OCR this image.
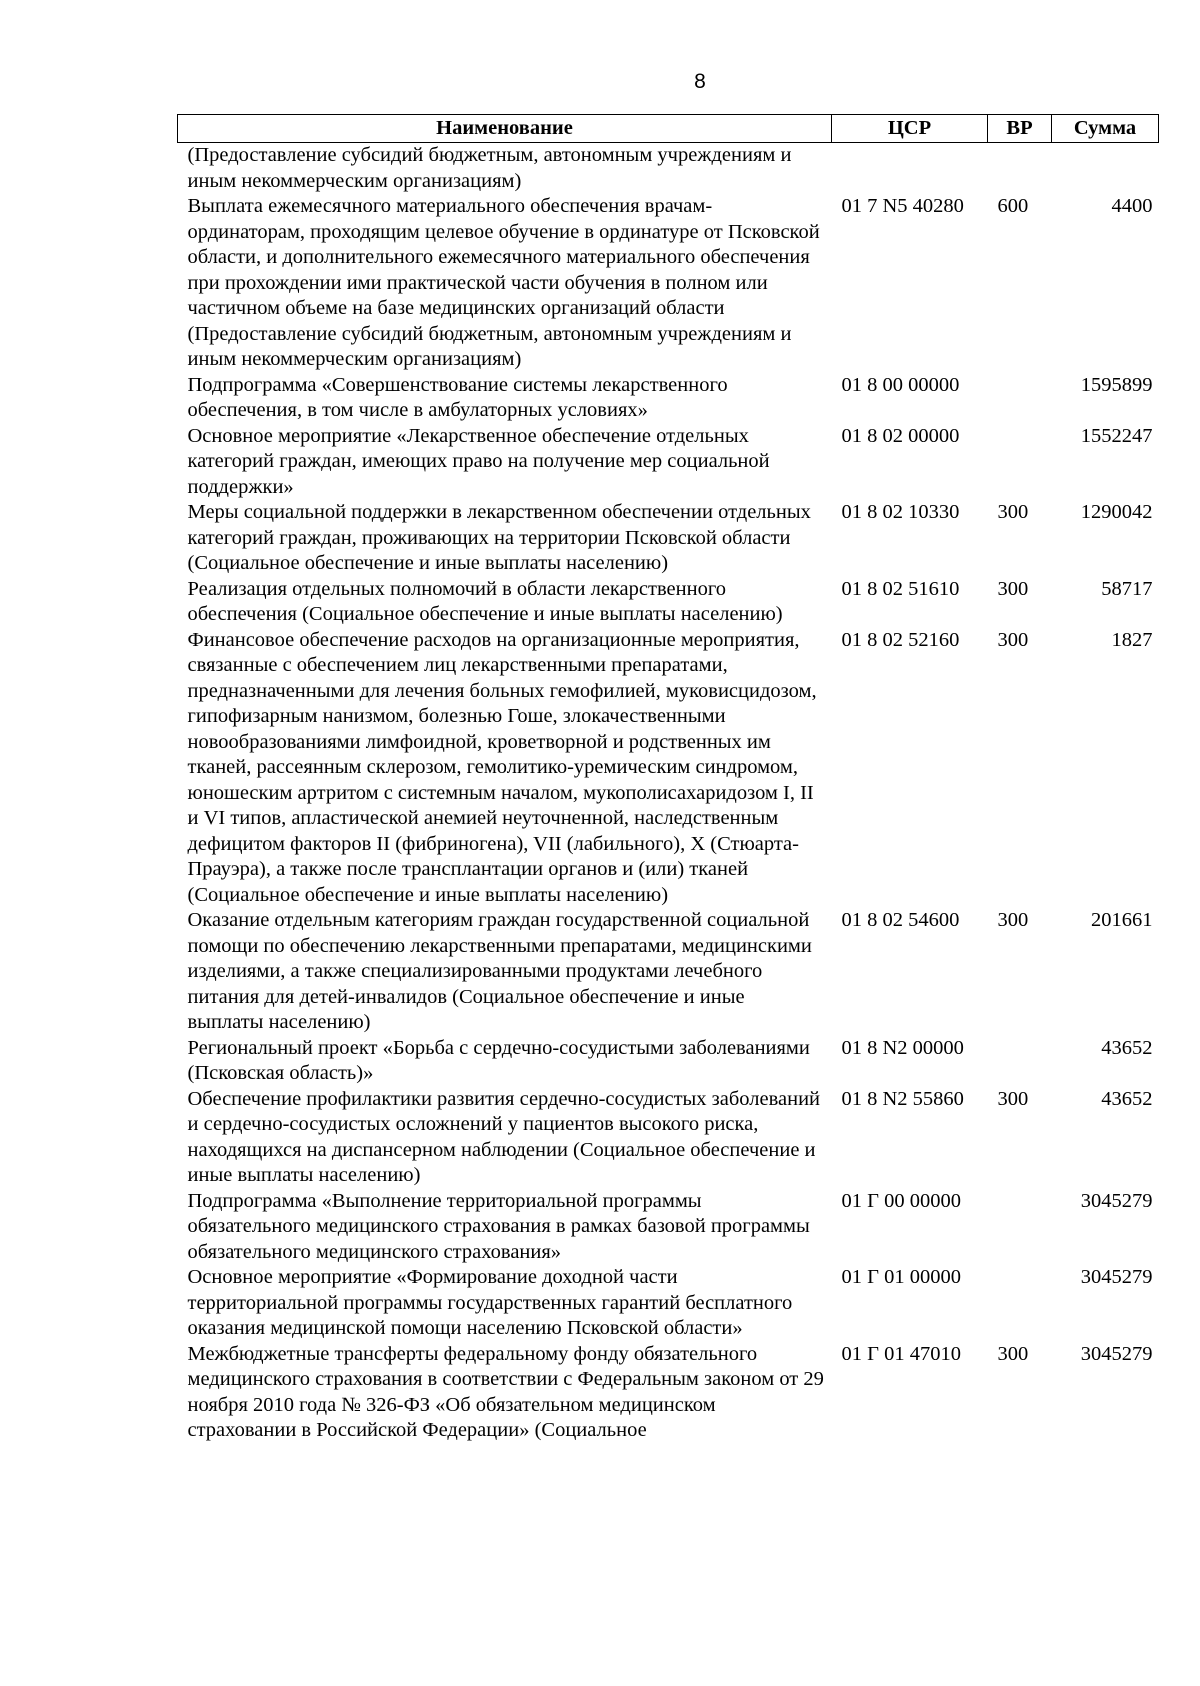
8
Наименование	ЦСР	ВР	Сумма
(Предоставление субсидий бюджетным, автономным учреждениям и иным некоммерческим организациям)			
Выплата ежемесячного материального обеспечения врачам-ординаторам, проходящим целевое обучение в ординатуре от Псковской области, и дополнительного ежемесячного материального обеспечения при прохождении ими практической части обучения в полном или частичном объеме на базе медицинских организаций области (Предоставление субсидий бюджетным, автономным учреждениям и иным некоммерческим организациям)	01 7 N5 40280	600	4400
Подпрограмма «Совершенствование системы лекарственного обеспечения, в том числе в амбулаторных условиях»	01 8 00 00000		1595899
Основное мероприятие «Лекарственное обеспечение отдельных категорий граждан, имеющих право на получение мер социальной поддержки»	01 8 02 00000		1552247
Меры социальной поддержки в лекарственном обеспечении отдельных категорий граждан, проживающих на территории Псковской области (Социальное обеспечение и иные выплаты населению)	01 8 02 10330	300	1290042
Реализация отдельных полномочий в области лекарственного обеспечения (Социальное обеспечение и иные выплаты населению)	01 8 02 51610	300	58717
Финансовое обеспечение расходов на организационные мероприятия, связанные с обеспечением лиц лекарственными препаратами, предназначенными для лечения больных гемофилией, муковисцидозом, гипофизарным нанизмом, болезнью Гоше, злокачественными новообразованиями лимфоидной, кроветворной и родственных им тканей, рассеянным склерозом, гемолитико-уремическим синдромом, юношеским артритом с системным началом, мукополисахаридозом I, II и VI типов, апластической анемией неуточненной, наследственным дефицитом факторов II (фибриногена), VII (лабильного), X (Стюарта-Прауэра), а также после трансплантации органов и (или) тканей (Социальное обеспечение и иные выплаты населению)	01 8 02 52160	300	1827
Оказание отдельным категориям граждан государственной социальной помощи по обеспечению лекарственными препаратами, медицинскими изделиями, а также специализированными продуктами лечебного питания для детей-инвалидов (Социальное обеспечение и иные выплаты населению)	01 8 02 54600	300	201661
Региональный проект «Борьба с сердечно-сосудистыми заболеваниями (Псковская область)»	01 8 N2 00000		43652
Обеспечение профилактики развития сердечно-сосудистых заболеваний и сердечно-сосудистых осложнений у пациентов высокого риска, находящихся на диспансерном наблюдении (Социальное обеспечение и иные выплаты населению)	01 8 N2 55860	300	43652
Подпрограмма «Выполнение территориальной программы обязательного медицинского страхования в рамках базовой программы обязательного медицинского страхования»	01 Г 00 00000		3045279
Основное мероприятие «Формирование доходной части территориальной программы государственных гарантий бесплатного оказания медицинской помощи населению Псковской области»	01 Г 01 00000		3045279
Межбюджетные трансферты федеральному фонду обязательного медицинского страхования в соответствии с Федеральным законом от 29 ноября 2010 года № 326-ФЗ «Об обязательном медицинском страховании в Российской Федерации» (Социальное	01 Г 01 47010	300	3045279
